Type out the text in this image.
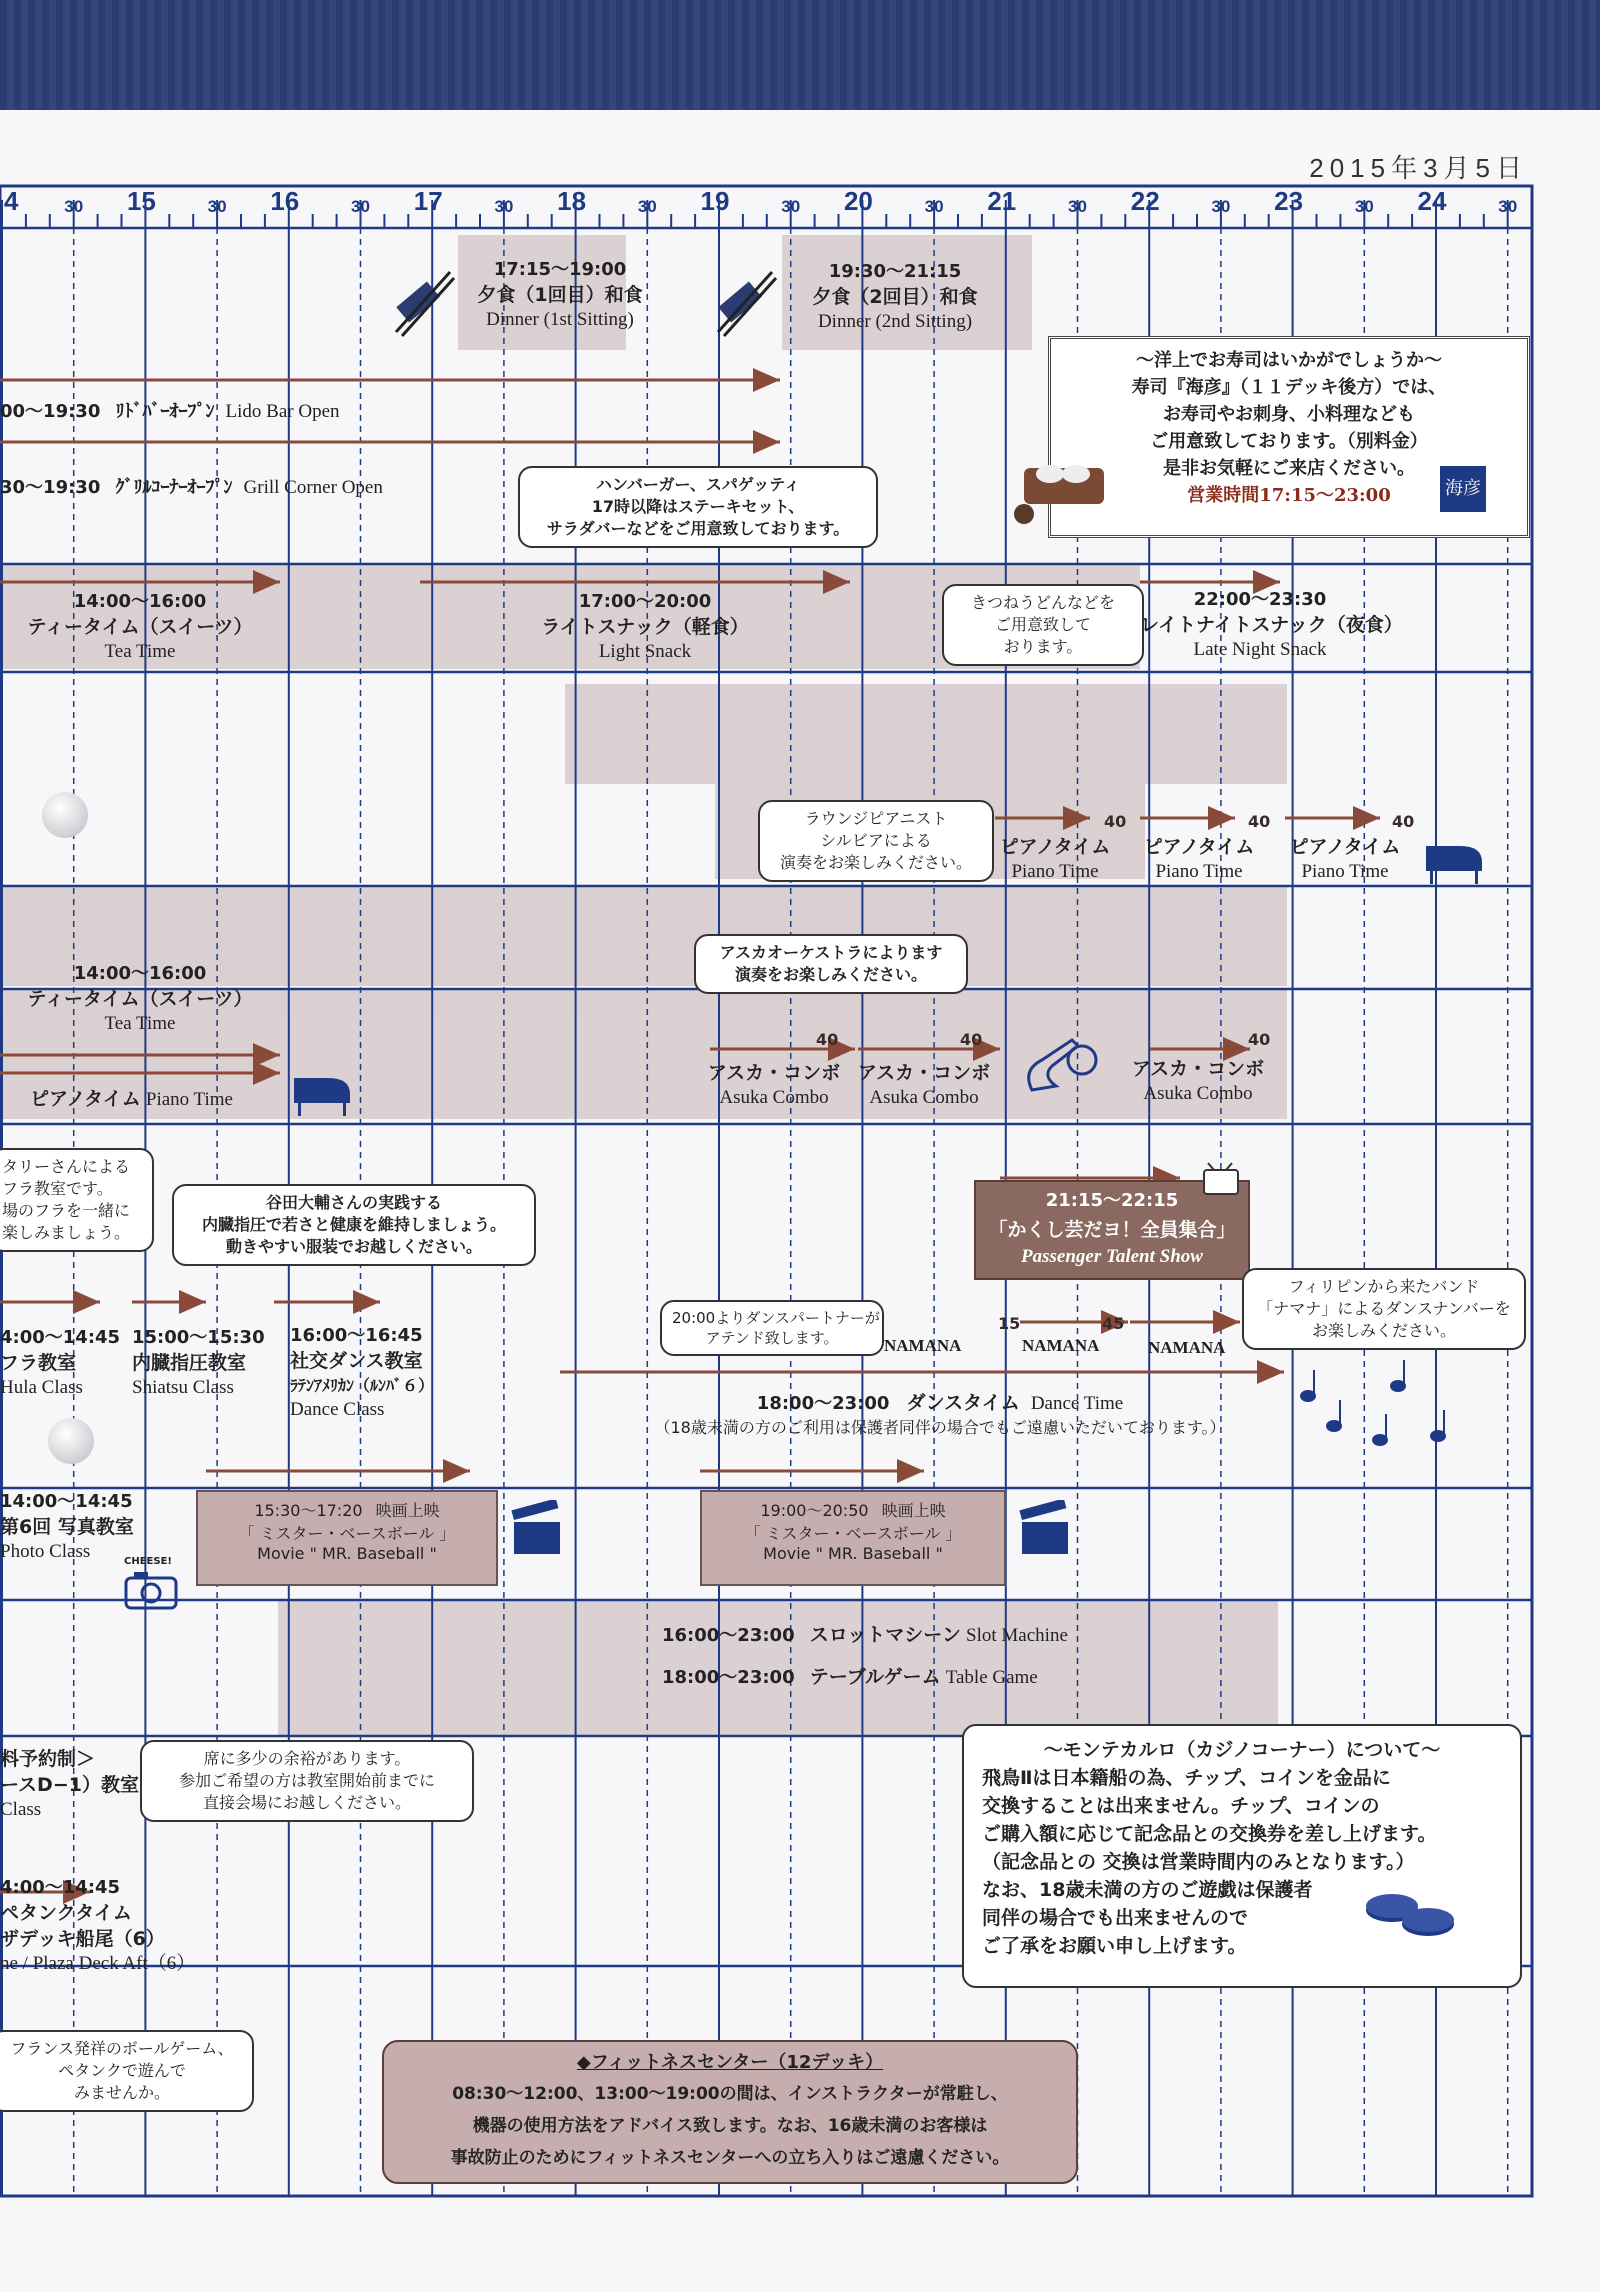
2015年3月5日
4	30 15	30 16	30 17	30 18	30 19	30 20	30 21	30 22	30 23	30 24	30
17:15〜19:00
夕食（1回目）和食
Dinner (1st Sitting)
19:30〜21:15
夕食（2回目）和食
Dinner (2nd Sitting)
〜洋上でお寿司はいかがでしょうか〜
寿司『海彦』（１１デッキ後方）では、
お寿司やお刺身、小料理なども
ご用意致しております。（別料金）
是非お気軽にご来店ください。
営業時間17:15〜23:00	海彦
00〜19:30 ﾘﾄﾞﾊﾞｰｵｰﾌﾟﾝ Lido Bar Open
30〜19:30 ｸﾞﾘﾙｺｰﾅｰｵｰﾌﾟﾝ Grill Corner Open	ハンバーガー、スパゲッティ
17時以降はステーキセット、
サラダバーなどをご用意致しております。
14:00〜16:00
ティータイム（スイーツ）
Tea Time
17:00〜20:00
ライトスナック（軽食）
Light Snack
きつねうどんなどを
ご用意致して
おります。
22:00〜23:30
レイトナイトスナック（夜食）
Late Night Snack
ラウンジピアニスト
シルビアによる
演奏をお楽しみください。
ピアノタイム
Piano Time
ピアノタイム
Piano Time
ピアノタイム
Piano Time
40	40	40
14:00〜16:00
ティータイム（スイーツ）
Tea Time
ピアノタイム Piano Time
アスカオーケストラによります
演奏をお楽しみください。
アスカ・コンボ
Asuka Combo
アスカ・コンボ
Asuka Combo
アスカ・コンボ
Asuka Combo
40	40	40
タリーさんによる
フラ教室です。
場のフラを一緒に
楽しみましょう。
谷田大輔さんの実践する
内臓指圧で若さと健康を維持しましょう。
動きやすい服装でお越しください。
21:15〜22:15
「かくし芸だヨ！全員集合」
Passenger Talent Show
フィリピンから来たバンド
「ナマナ」によるダンスナンバーを
お楽しみください。
20:00よりダンスパートナーが
アテンド致します。	NAMANA	NAMANA	NAMANA
15	45
4:00〜14:45
フラ教室
Hula Class
15:00〜15:30
内臓指圧教室
Shiatsu Class
16:00〜16:45
社交ダンス教室
ﾗﾃﾝｱﾒﾘｶﾝ（ﾙﾝﾊﾞ６）
Dance Class	18:00〜23:00 ダンスタイム Dance Time
（18歳未満の方のご利用は保護者同伴の場合でもご遠慮いただいております。）
14:00〜14:45
第6回 写真教室
Photo Class	CHEESE!
15:30〜17:20 映画上映
「 ミスター・ベースボール 」
Movie " MR. Baseball "
19:00〜20:50 映画上映
「 ミスター・ベースボール 」
Movie " MR. Baseball "
16:00〜23:00 スロットマシーン Slot Machine
18:00〜23:00 テーブルゲーム Table Game
料予約制＞
ースD−1）教室
Class
席に多少の余裕があります。
参加ご希望の方は教室開始前までに
直接会場にお越しください。
〜モンテカルロ（カジノコーナー）について〜
飛鳥Ⅱは日本籍船の為、チップ、コインを金品に
交換することは出来ません。チップ、コインの
ご購入額に応じて記念品との交換券を差し上げます。
（記念品との 交換は営業時間内のみとなります。）
なお、18歳未満の方のご遊戯は保護者
同伴の場合でも出来ませんので
ご了承をお願い申し上げます。
4:00〜14:45
ペタンクタイム
ザデッキ船尾（6）
ne / Plaza Deck Aft（6）
フランス発祥のボールゲーム、
ペタンクで遊んで
みませんか。
◆フィットネスセンター（12デッキ）
08:30〜12:00、13:00〜19:00の間は、インストラクターが常駐し、
機器の使用方法をアドバイス致します。なお、16歳未満のお客様は
事故防止のためにフィットネスセンターへの立ち入りはご遠慮ください。
